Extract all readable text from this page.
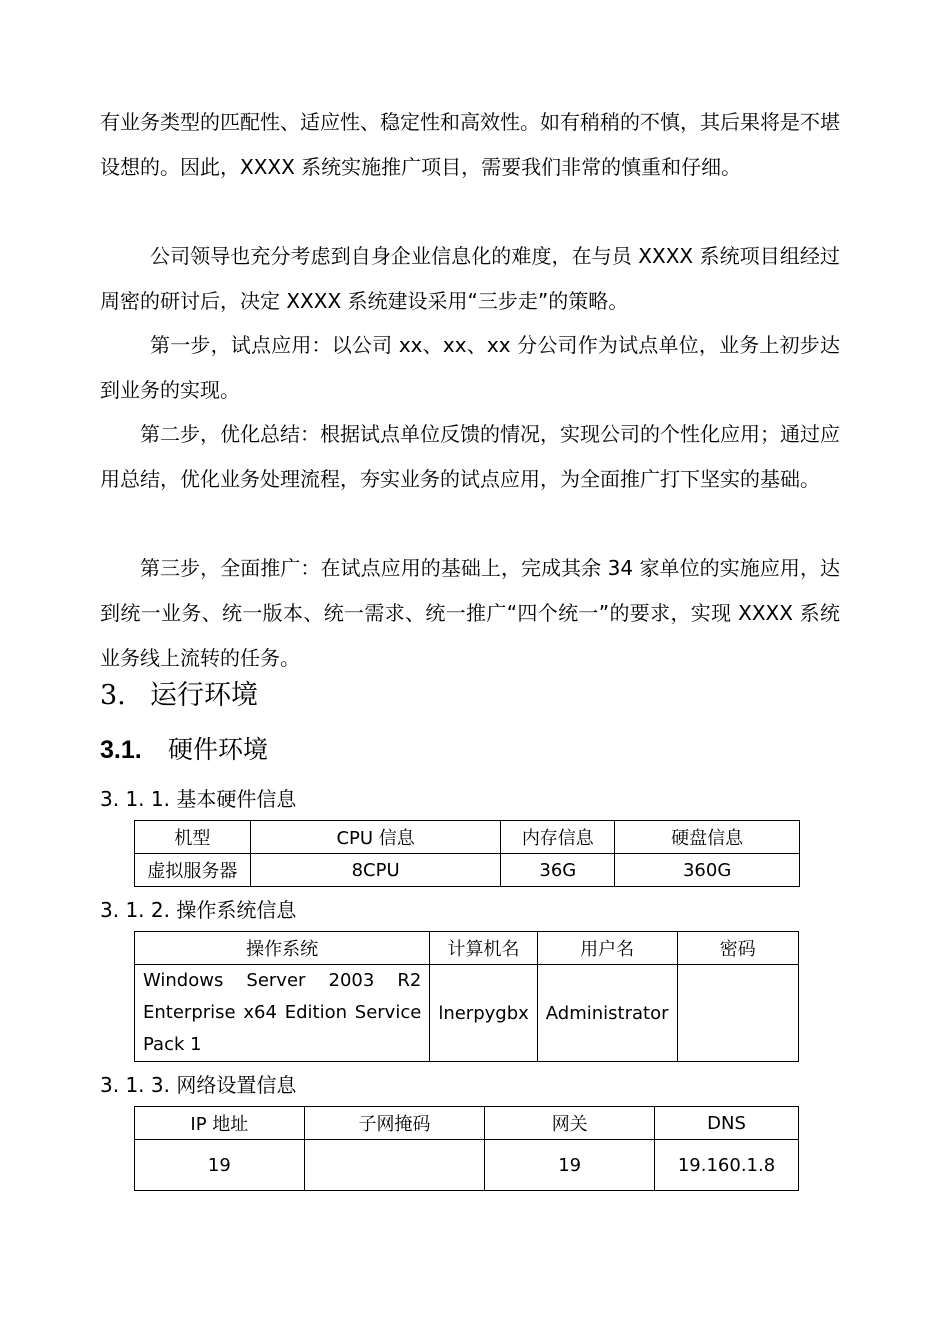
有业务类型的匹配性、适应性、稳定性和高效性。如有稍稍的不慎，其后果将是不堪设想的。因此，XXXX 系统实施推广项目，需要我们非常的慎重和仔细。

公司领导也充分考虑到自身企业信息化的难度，在与员 XXXX 系统项目组经过周密的研讨后，决定 XXXX 系统建设采用“三步走”的策略。

第一步，试点应用：以公司 xx、xx、xx 分公司作为试点单位，业务上初步达到业务的实现。

第二步，优化总结：根据试点单位反馈的情况，实现公司的个性化应用；通过应用总结，优化业务处理流程，夯实业务的试点应用，为全面推广打下坚实的基础。

第三步，全面推广：在试点应用的基础上，完成其余 34 家单位的实施应用，达到统一业务、统一版本、统一需求、统一推广“四个统一”的要求，实现 XXXX 系统业务线上流转的任务。

3. 运行环境
3.1. 硬件环境
3. 1. 1. 基本硬件信息
机型	CPU 信息	内存信息	硬盘信息
虚拟服务器	8CPU	36G	360G
3. 1. 2. 操作系统信息
操作系统	计算机名	用户名	密码
Windows Server 2003 R2 Enterprise x64 Edition Service Pack 1	lnerpygbx	Administrator	
3. 1. 3. 网络设置信息
IP 地址	子网掩码	网关	DNS
19		19	19.160.1.8
